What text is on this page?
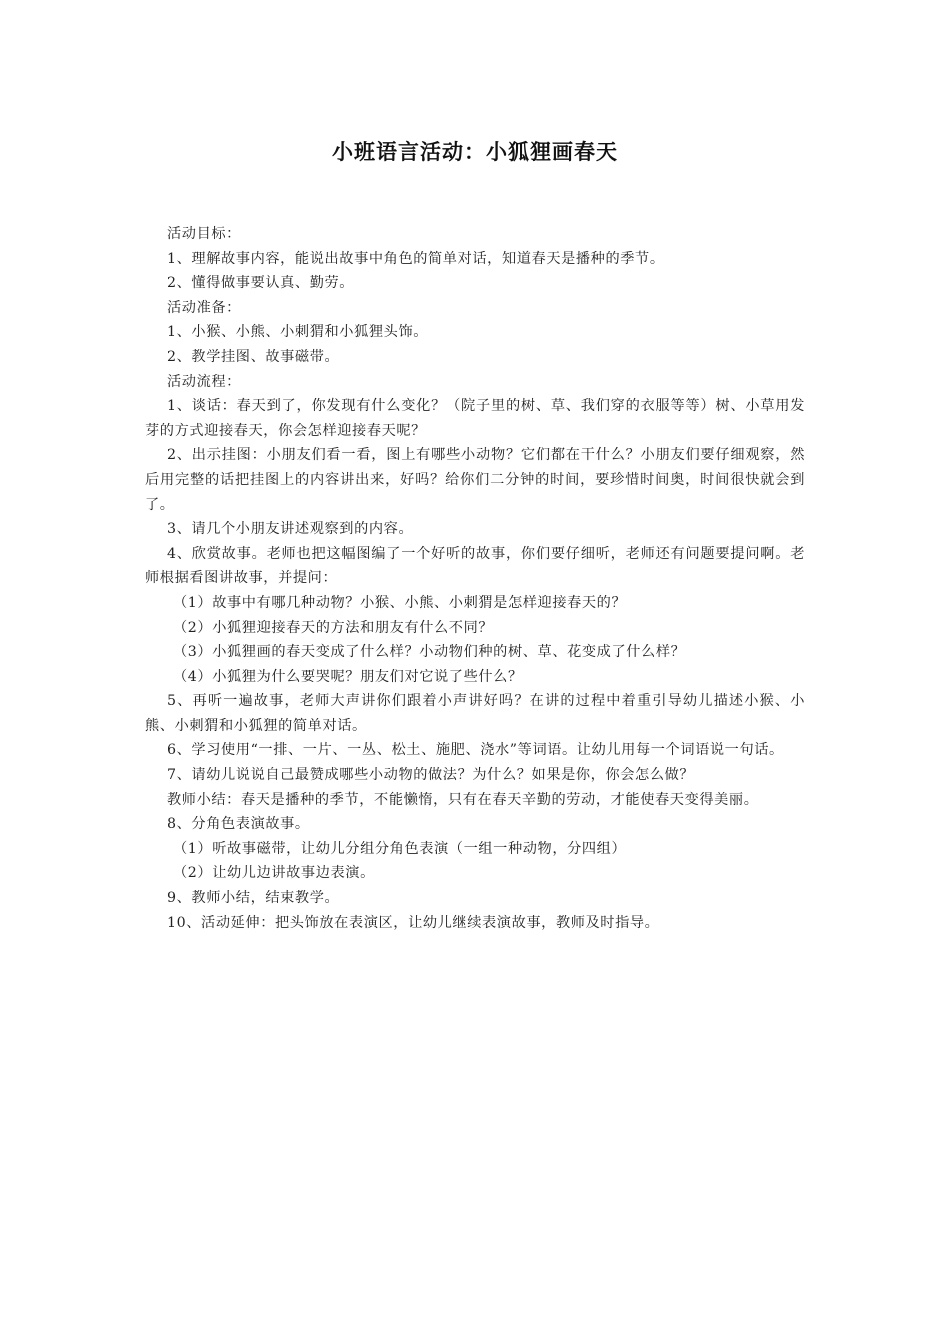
小班语言活动：小狐狸画春天

活动目标：

1、理解故事内容，能说出故事中角色的简单对话，知道春天是播种的季节。

2、懂得做事要认真、勤劳。

活动准备：

1、小猴、小熊、小刺猬和小狐狸头饰。

2、教学挂图、故事磁带。

活动流程：

1、谈话：春天到了，你发现有什么变化？（院子里的树、草、我们穿的衣服等等）树、小草用发芽的方式迎接春天，你会怎样迎接春天呢？

2、出示挂图：小朋友们看一看，图上有哪些小动物？它们都在干什么？小朋友们要仔细观察，然后用完整的话把挂图上的内容讲出来，好吗？给你们二分钟的时间，要珍惜时间奥，时间很快就会到了。

3、请几个小朋友讲述观察到的内容。

4、欣赏故事。老师也把这幅图编了一个好听的故事，你们要仔细听，老师还有问题要提问啊。老师根据看图讲故事，并提问：

（1）故事中有哪几种动物？小猴、小熊、小刺猬是怎样迎接春天的？

（2）小狐狸迎接春天的方法和朋友有什么不同？

（3）小狐狸画的春天变成了什么样？小动物们种的树、草、花变成了什么样？

（4）小狐狸为什么要哭呢？朋友们对它说了些什么？

5、再听一遍故事，老师大声讲你们跟着小声讲好吗？在讲的过程中着重引导幼儿描述小猴、小熊、小刺猬和小狐狸的简单对话。

6、学习使用“一排、一片、一丛、松土、施肥、浇水”等词语。让幼儿用每一个词语说一句话。

7、请幼儿说说自己最赞成哪些小动物的做法？为什么？如果是你，你会怎么做？

教师小结：春天是播种的季节，不能懒惰，只有在春天辛勤的劳动，才能使春天变得美丽。

8、分角色表演故事。

（1）听故事磁带，让幼儿分组分角色表演（一组一种动物，分四组）

（2）让幼儿边讲故事边表演。

9、教师小结，结束教学。

10、活动延伸：把头饰放在表演区，让幼儿继续表演故事，教师及时指导。
